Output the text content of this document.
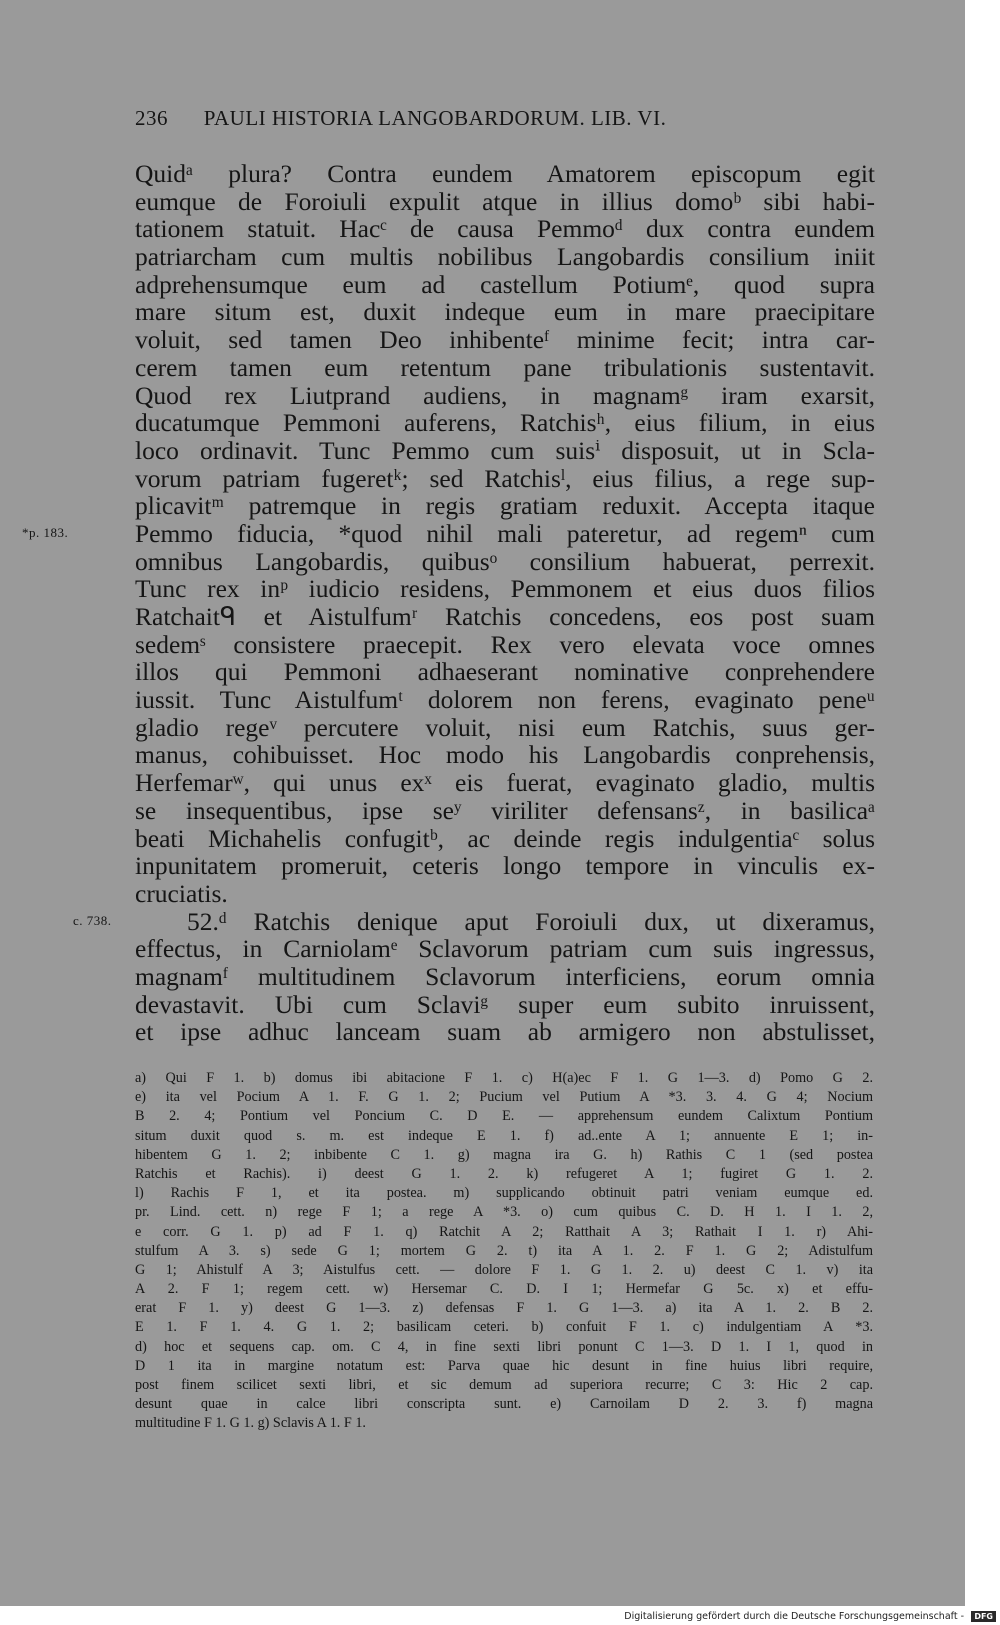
236 PAULI HISTORIA LANGOBARDORUM. LIB. VI.
*p. 183.
c. 738.
Quidᵃ plura? Contra eundem Amatorem episcopum egit
eumque de Foroiuli expulit atque in illius domoᵇ sibi habi-
tationem statuit. Hacᶜ de causa Pemmoᵈ dux contra eundem
patriarcham cum multis nobilibus Langobardis consilium iniit
adprehensumque eum ad castellum Potiumᵉ, quod supra
mare situm est, duxit indeque eum in mare praecipitare
voluit, sed tamen Deo inhibenteᶠ minime fecit; intra car-
cerem tamen eum retentum pane tribulationis sustentavit.
Quod rex Liutprand audiens, in magnamᵍ iram exarsit,
ducatumque Pemmoni auferens, Ratchisʰ, eius filium, in eius
loco ordinavit. Tunc Pemmo cum suisⁱ disposuit, ut in Scla-
vorum patriam fugeretᵏ; sed Ratchisˡ, eius filius, a rege sup-
plicavitᵐ patremque in regis gratiam reduxit. Accepta itaque
Pemmo fiducia, *quod nihil mali pateretur, ad regemⁿ cum
omnibus Langobardis, quibusᵒ consilium habuerat, perrexit.
Tunc rex inᵖ iudicio residens, Pemmonem et eius duos filios
Ratchaitᑫ et Aistulfumʳ Ratchis concedens, eos post suam
sedemˢ consistere praecepit. Rex vero elevata voce omnes
illos qui Pemmoni adhaeserant nominative conprehendere
iussit. Tunc Aistulfumᵗ dolorem non ferens, evaginato peneᵘ
gladio regeᵛ percutere voluit, nisi eum Ratchis, suus ger-
manus, cohibuisset. Hoc modo his Langobardis conprehensis,
Herfemarʷ, qui unus exˣ eis fuerat, evaginato gladio, multis
se insequentibus, ipse seʸ viriliter defensansᶻ, in basilicaᵃ
beati Michahelis confugitᵇ, ac deinde regis indulgentiaᶜ solus
inpunitatem promeruit, ceteris longo tempore in vinculis ex-
cruciatis.
52.ᵈ Ratchis denique aput Foroiuli dux, ut dixeramus,
effectus, in Carniolamᵉ Sclavorum patriam cum suis ingressus,
magnamᶠ multitudinem Sclavorum interficiens, eorum omnia
devastavit. Ubi cum Sclaviᵍ super eum subito inruissent,
et ipse adhuc lanceam suam ab armigero non abstulisset,
a) Qui F 1. b) domus ibi abitacione F 1. c) H(a)ec F 1. G 1—3. d) Pomo G 2.
e) ita vel Pocium A 1. F. G 1. 2; Pucium vel Putium A *3. 3. 4. G 4; Nocium
B 2. 4; Pontium vel Poncium C. D E. — apprehensum eundem Calixtum Pontium
situm duxit quod s. m. est indeque E 1. f) ad..ente A 1; annuente E 1; in-
hibentem G 1. 2; inbibente C 1. g) magna ira G. h) Rathis C 1 (sed postea
Ratchis et Rachis). i) deest G 1. 2. k) refugeret A 1; fugiret G 1. 2.
l) Rachis F 1, et ita postea. m) supplicando obtinuit patri veniam eumque ed.
pr. Lind. cett. n) rege F 1; a rege A *3. o) cum quibus C. D. H 1. I 1. 2,
e corr. G 1. p) ad F 1. q) Ratchit A 2; Ratthait A 3; Rathait I 1. r) Ahi-
stulfum A 3. s) sede G 1; mortem G 2. t) ita A 1. 2. F 1. G 2; Adistulfum
G 1; Ahistulf A 3; Aistulfus cett. — dolore F 1. G 1. 2. u) deest C 1. v) ita
A 2. F 1; regem cett. w) Hersemar C. D. I 1; Hermefar G 5c. x) et effu-
erat F 1. y) deest G 1—3. z) defensas F 1. G 1—3. a) ita A 1. 2. B 2.
E 1. F 1. 4. G 1. 2; basilicam ceteri. b) confuit F 1. c) indulgentiam A *3.
d) hoc et sequens cap. om. C 4, in fine sexti libri ponunt C 1—3. D 1. I 1, quod in
D 1 ita in margine notatum est: Parva quae hic desunt in fine huius libri require,
post finem scilicet sexti libri, et sic demum ad superiora recurre; C 3: Hic 2 cap.
desunt quae in calce libri conscripta sunt. e) Carnoilam D 2. 3. f) magna
multitudine F 1. G 1. g) Sclavis A 1. F 1.
Digitalisierung gefördert durch die Deutsche Forschungsgemeinschaft -	DFG
